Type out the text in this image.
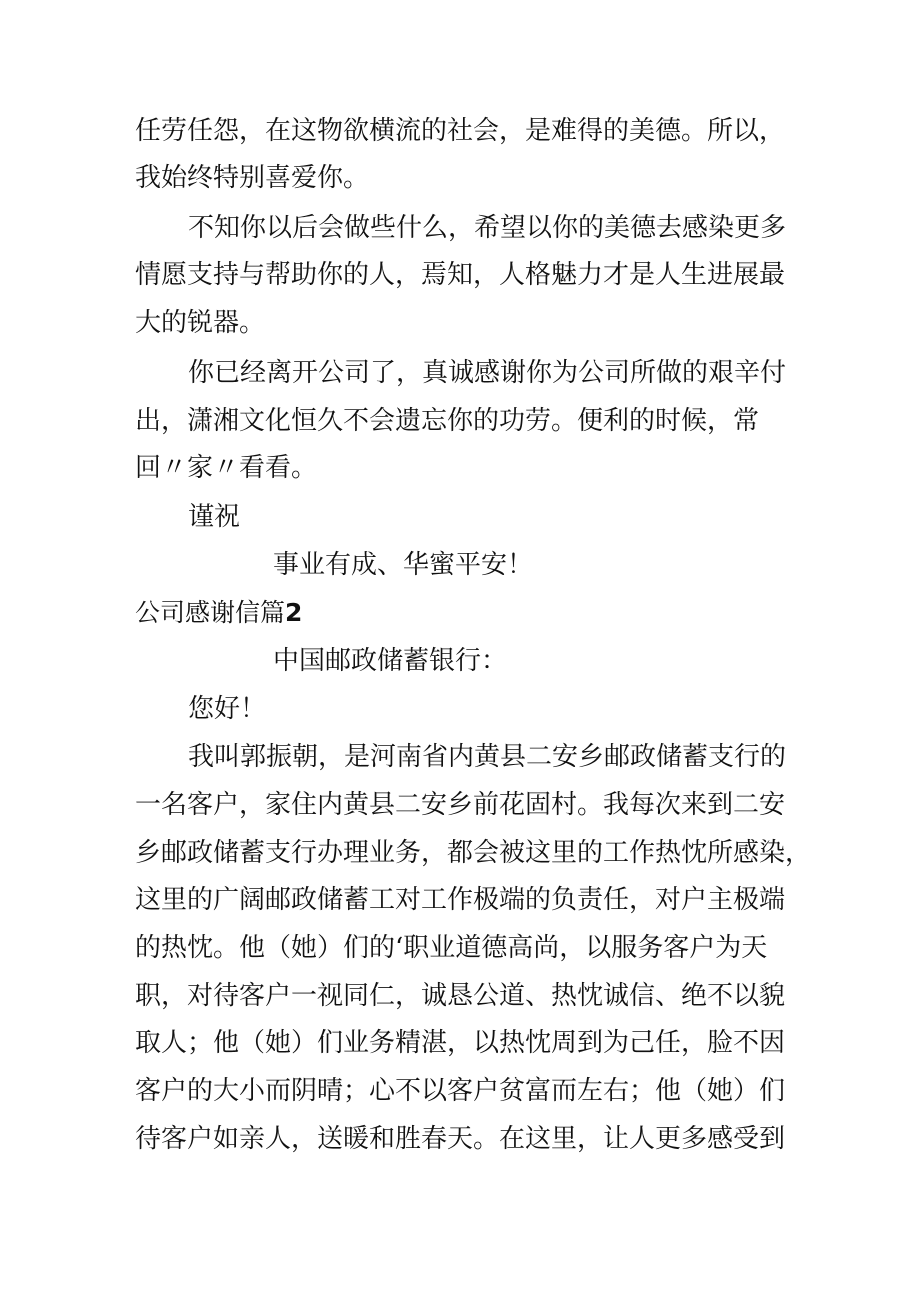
任劳任怨，在这物欲横流的社会，是难得的美德。所以，
我始终特别喜爱你。
不知你以后会做些什么，希望以你的美德去感染更多
情愿支持与帮助你的人，焉知，人格魅力才是人生进展最
大的锐器。
你已经离开公司了，真诚感谢你为公司所做的艰辛付
出，潇湘文化恒久不会遗忘你的功劳。便利的时候，常
回〃家〃看看。
谨祝
事业有成、华蜜平安！
公司感谢信篇2
中国邮政储蓄银行：
您好！
我叫郭振朝，是河南省内黄县二安乡邮政储蓄支行的
一名客户，家住内黄县二安乡前花固村。我每次来到二安
乡邮政储蓄支行办理业务，都会被这里的工作热忱所感染，
这里的广阔邮政储蓄工对工作极端的负责任，对户主极端
的热忱。他（她）们的‘职业道德高尚，以服务客户为天
职，对待客户一视同仁，诚恳公道、热忱诚信、绝不以貌
取人；他（她）们业务精湛，以热忱周到为己任，脸不因
客户的大小而阴晴；心不以客户贫富而左右；他（她）们
待客户如亲人，送暖和胜春天。在这里，让人更多感受到
